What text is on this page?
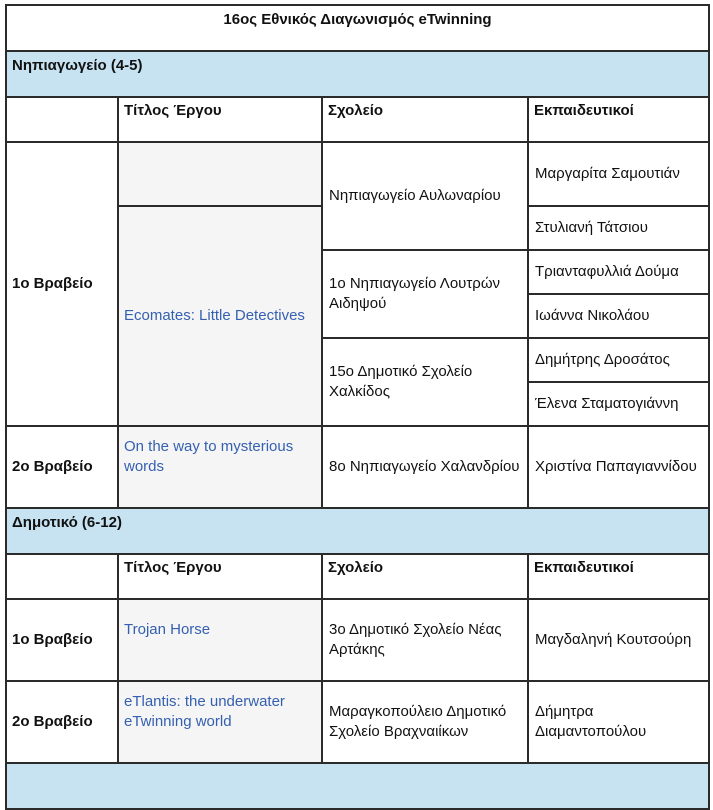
16ος Εθνικός Διαγωνισμός eTwinning			
Νηπιαγωγείο (4-5)			
	Τίτλος Έργου	Σχολείο	Εκπαιδευτικοί
1ο Βραβείο		Νηπιαγωγείο Αυλωναρίου	Μαργαρίτα Σαμουτιάν
	Ecomates: Little Detectives		Στυλιανή Τάτσιου
		1ο Νηπιαγωγείο Λουτρών Αιδηψού	Τριανταφυλλιά Δούμα
			Ιωάννα Νικολάου
		15ο Δημοτικό Σχολείο Χαλκίδος	Δημήτρης Δροσάτος
			Έλενα Σταματογιάννη
2ο Βραβείο	On the way to mysterious words	8ο Νηπιαγωγείο Χαλανδρίου	Χριστίνα Παπαγιαννίδου
Δημοτικό (6-12)			
	Τίτλος Έργου	Σχολείο	Εκπαιδευτικοί
1ο Βραβείο	Trojan Horse	3ο Δημοτικό Σχολείο Νέας Αρτάκης	Μαγδαληνή Κουτσούρη
2ο Βραβείο	eTlantis: the underwater eTwinning world	Μαραγκοπούλειο Δημοτικό Σχολείο Βραχναιίκων	Δήμητρα Διαμαντοπούλου
